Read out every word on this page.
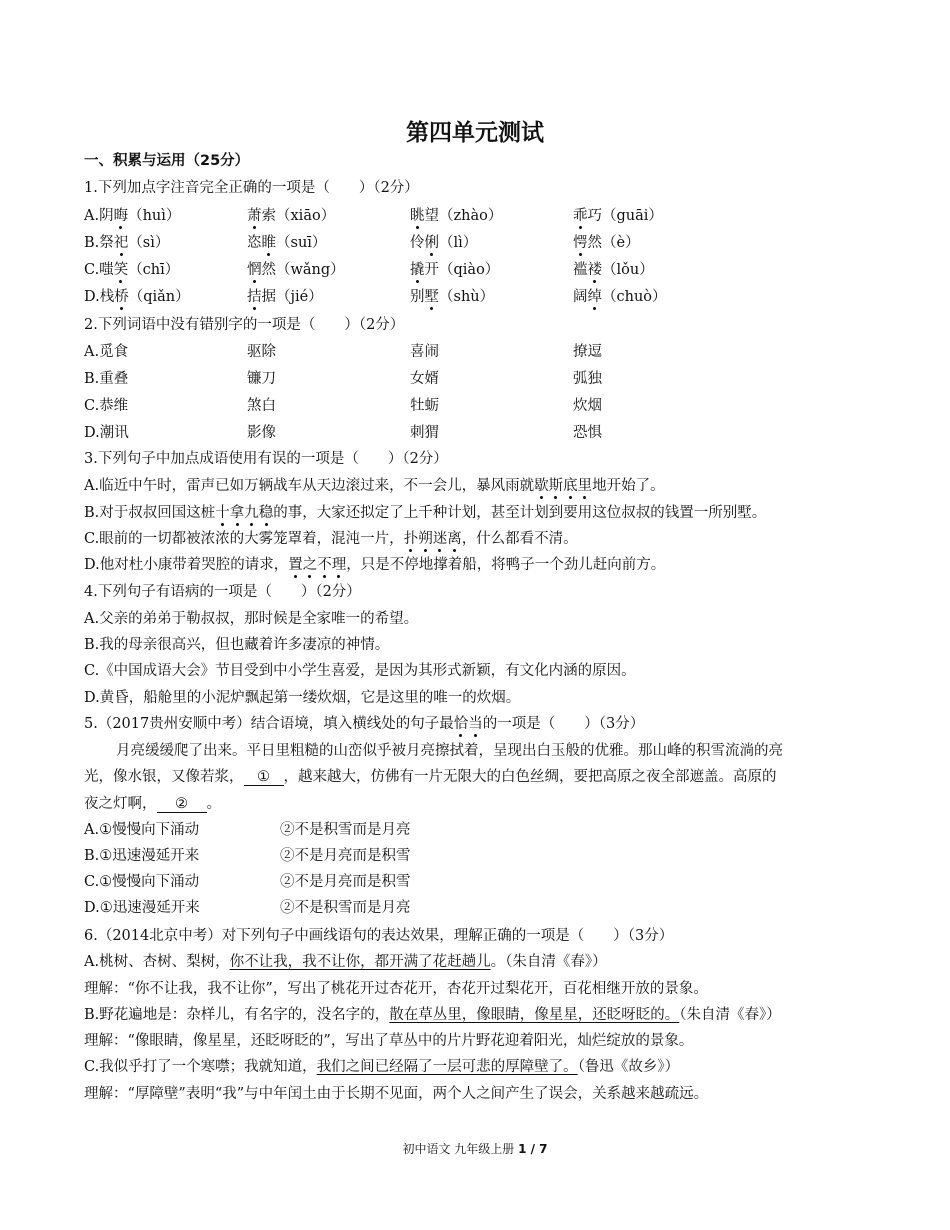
第四单元测试
一、积累与运用（25分）
1.下列加点字注音完全正确的一项是（　　）（2分）
A.阴晦（huì）	萧索（xiāo）	眺望（zhào）	乖巧（guāi）
B.祭祀（sì）	恣睢（suī）	伶俐（lì）	愕然（è）
C.嗤笑（chī）	惘然（wǎng）	撬开（qiào）	褴褛（lǒu）
D.栈桥（qiǎn）	拮据（jié）	别墅（shù）	阔绰（chuò）
2.下列词语中没有错别字的一项是（　　）（2分）
A.觅食	驱除	喜闹	撩逗
B.重叠	镰刀	女婿	弧独
C.恭维	煞白	牡蛎	炊烟
D.潮讯	影像	刺猬	恐惧
3.下列句子中加点成语使用有误的一项是（　　）（2分）
A.临近中午时，雷声已如万辆战车从天边滚过来，不一会儿，暴风雨就歇斯底里地开始了。
B.对于叔叔回国这桩十拿九稳的事，大家还拟定了上千种计划，甚至计划到要用这位叔叔的钱置一所别墅。
C.眼前的一切都被浓浓的大雾笼罩着，混沌一片，扑朔迷离，什么都看不清。
D.他对杜小康带着哭腔的请求，置之不理，只是不停地撑着船，将鸭子一个劲儿赶向前方。
4.下列句子有语病的一项是（　　）（2分）
A.父亲的弟弟于勒叔叔，那时候是全家唯一的希望。
B.我的母亲很高兴，但也藏着许多凄凉的神情。
C.《中国成语大会》节目受到中小学生喜爱，是因为其形式新颖，有文化内涵的原因。
D.黄昏，船舱里的小泥炉飘起第一缕炊烟，它是这里的唯一的炊烟。
5.（2017贵州安顺中考）结合语境，填入横线处的句子最恰当的一项是（　　）（3分）
月亮缓缓爬了出来。平日里粗糙的山峦似乎被月亮擦拭着，呈现出白玉般的优雅。那山峰的积雪流淌的亮
光，像水银，又像若浆， ① ，越来越大，仿佛有一片无限大的白色丝绸，要把高原之夜全部遮盖。高原的
夜之灯啊， ② 。
A.①慢慢向下涌动	②不是积雪而是月亮
B.①迅速漫延开来	②不是月亮而是积雪
C.①慢慢向下涌动	②不是月亮而是积雪
D.①迅速漫延开来	②不是积雪而是月亮
6.（2014北京中考）对下列句子中画线语句的表达效果，理解正确的一项是（　　）（3分）
A.桃树、杏树、梨树，你不让我，我不让你，都开满了花赶趟儿。（朱自清《春》）
理解：“你不让我，我不让你”，写出了桃花开过杏花开，杏花开过梨花开，百花相继开放的景象。
B.野花遍地是：杂样儿，有名字的，没名字的，散在草丛里，像眼睛，像星星，还眨呀眨的。（朱自清《春》）
理解：“像眼睛，像星星，还眨呀眨的”，写出了草丛中的片片野花迎着阳光，灿烂绽放的景象。
C.我似乎打了一个寒噤；我就知道，我们之间已经隔了一层可悲的厚障壁了。（鲁迅《故乡》）
理解：“厚障壁”表明“我”与中年闰土由于长期不见面，两个人之间产生了误会，关系越来越疏远。
初中语文 九年级上册 1 / 7
